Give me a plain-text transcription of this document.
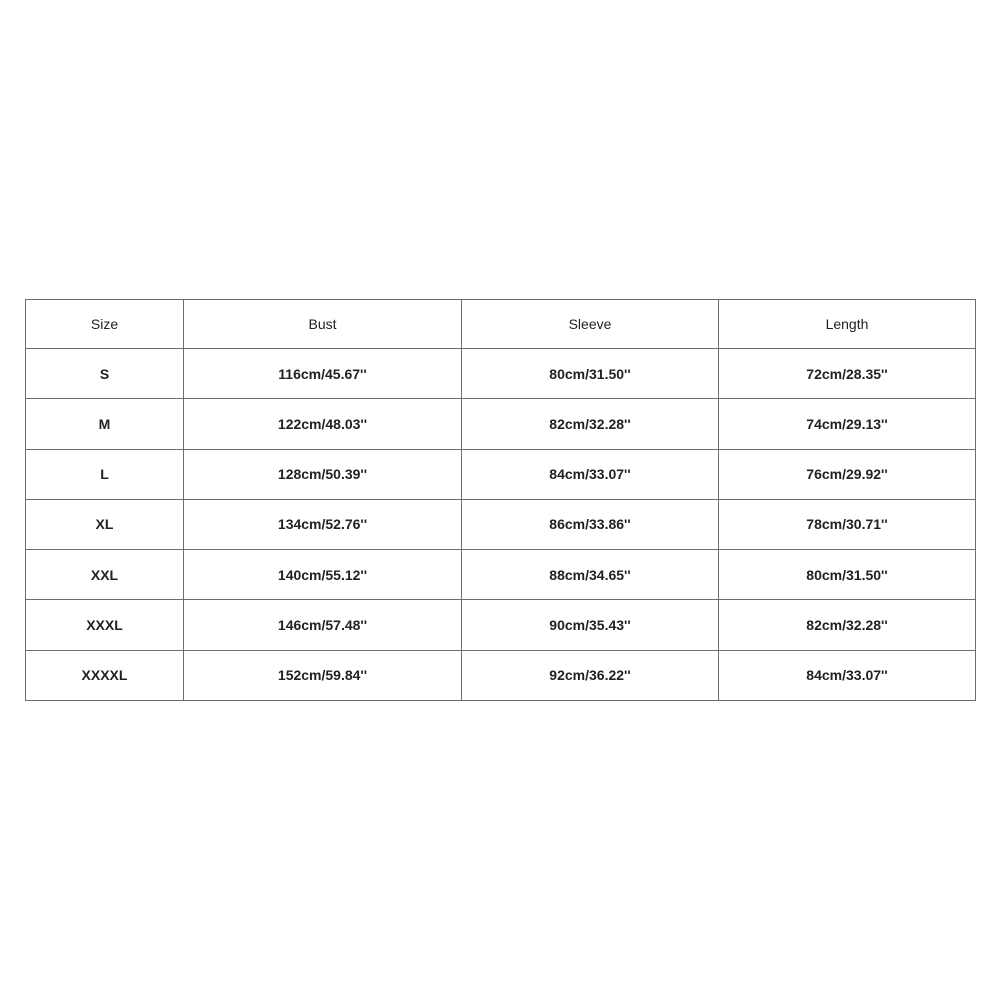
Size	Bust	Sleeve	Length
S	116cm/45.67''	80cm/31.50''	72cm/28.35''
M	122cm/48.03''	82cm/32.28''	74cm/29.13''
L	128cm/50.39''	84cm/33.07''	76cm/29.92''
XL	134cm/52.76''	86cm/33.86''	78cm/30.71''
XXL	140cm/55.12''	88cm/34.65''	80cm/31.50''
XXXL	146cm/57.48''	90cm/35.43''	82cm/32.28''
XXXXL	152cm/59.84''	92cm/36.22''	84cm/33.07''
